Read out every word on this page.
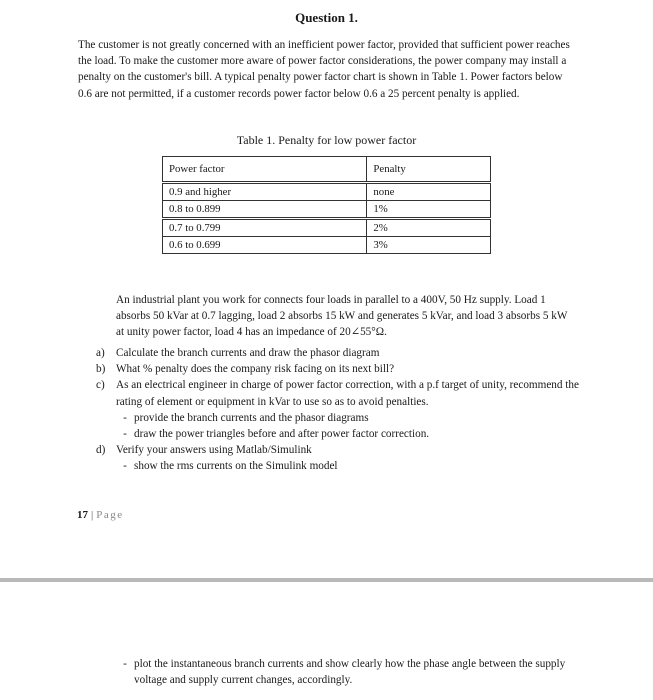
Question 1.
The customer is not greatly concerned with an inefficient power factor, provided that sufficient power reaches the load. To make the customer more aware of power factor considerations, the power company may install a penalty on the customer's bill. A typical penalty power factor chart is shown in Table 1. Power factors below 0.6 are not permitted, if a customer records power factor below 0.6 a 25 percent penalty is applied.
Table 1. Penalty for low power factor
Power factor	Penalty
0.9 and higher	none
0.8 to 0.899	1%
0.7 to 0.799	2%
0.6 to 0.699	3%
An industrial plant you work for connects four loads in parallel to a 400V, 50 Hz supply. Load 1 absorbs 50 kVar at 0.7 lagging, load 2 absorbs 15 kW and generates 5 kVar, and load 3 absorbs 5 kW at unity power factor, load 4 has an impedance of 20∠55°Ω.
a)	Calculate the branch currents and draw the phasor diagram
b) What % penalty does the company risk facing on its next bill?
c)	As an electrical engineer in charge of power factor correction, with a p.f target of unity, recommend the rating of element or equipment in kVar to use so as to avoid penalties.
- provide the branch currents and the phasor diagrams
- draw the power triangles before and after power factor correction.
d) Verify your answers using Matlab/Simulink
- show the rms currents on the Simulink model
17 | Page
- plot the instantaneous branch currents and show clearly how the phase angle between the supply voltage and supply current changes, accordingly.
